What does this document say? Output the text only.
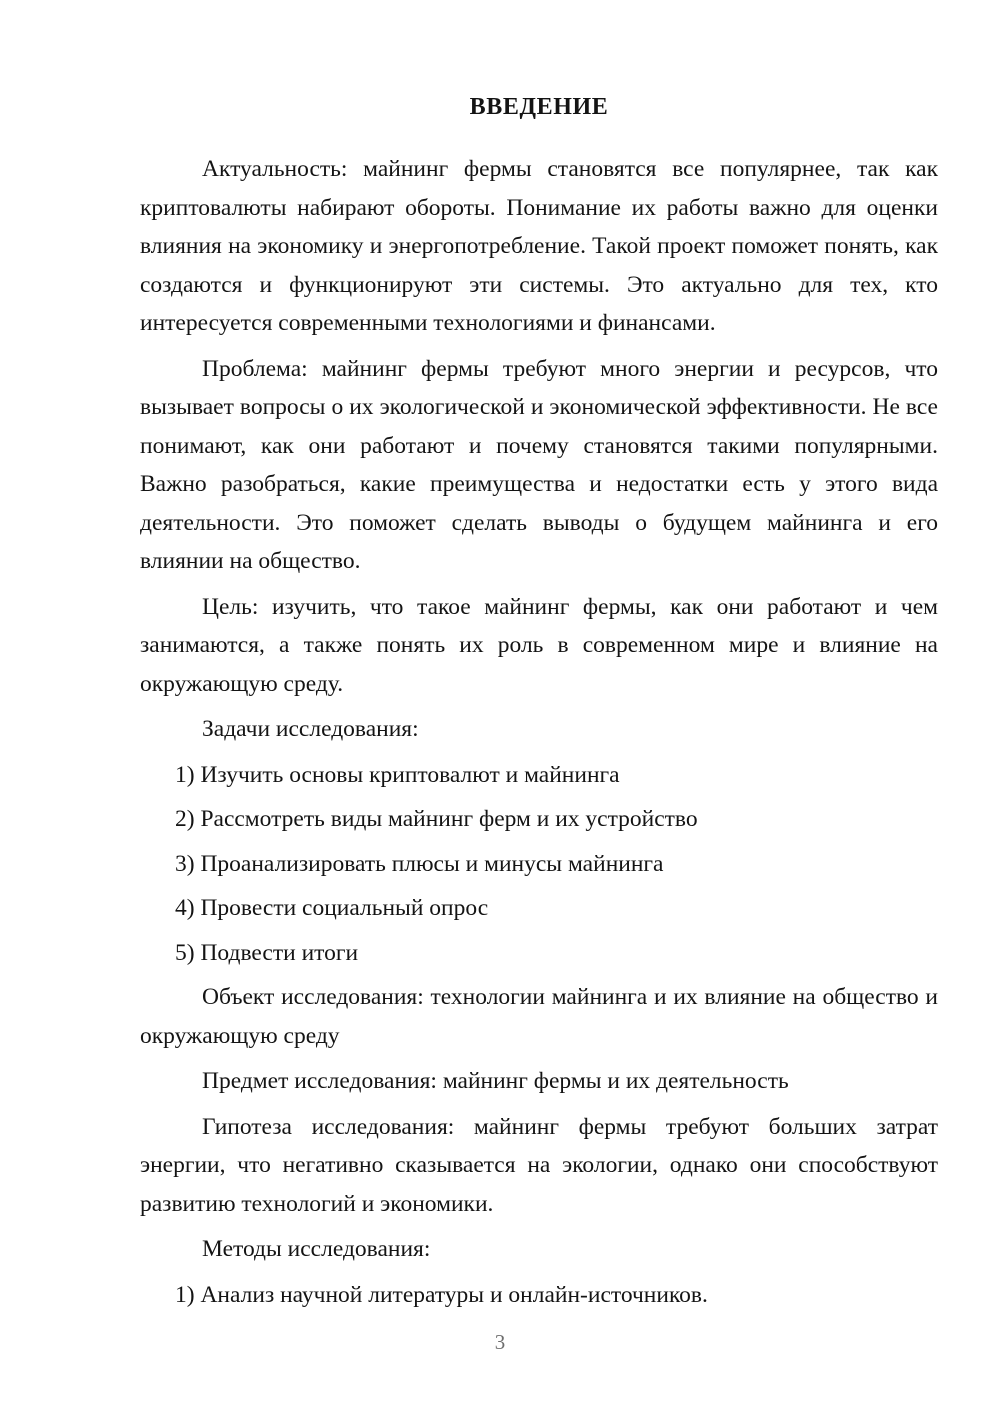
ВВЕДЕНИЕ

Актуальность: майнинг фермы становятся все популярнее, так как криптовалюты набирают обороты. Понимание их работы важно для оценки влияния на экономику и энергопотребление. Такой проект поможет понять, как создаются и функционируют эти системы. Это актуально для тех, кто интересуется современными технологиями и финансами.

Проблема: майнинг фермы требуют много энергии и ресурсов, что вызывает вопросы о их экологической и экономической эффективности. Не все понимают, как они работают и почему становятся такими популярными. Важно разобраться, какие преимущества и недостатки есть у этого вида деятельности. Это поможет сделать выводы о будущем майнинга и его влиянии на общество.

Цель: изучить, что такое майнинг фермы, как они работают и чем занимаются, а также понять их роль в современном мире и влияние на окружающую среду.

Задачи исследования:

1) Изучить основы криптовалют и майнинга
2) Рассмотреть виды майнинг ферм и их устройство
3) Проанализировать плюсы и минусы майнинга
4) Провести социальный опрос
5) Подвести итоги

Объект исследования: технологии майнинга и их влияние на общество и окружающую среду

Предмет исследования: майнинг фермы и их деятельность

Гипотеза исследования: майнинг фермы требуют больших затрат энергии, что негативно сказывается на экологии, однако они способствуют развитию технологий и экономики.

Методы исследования:

1) Анализ научной литературы и онлайн-источников.
3
